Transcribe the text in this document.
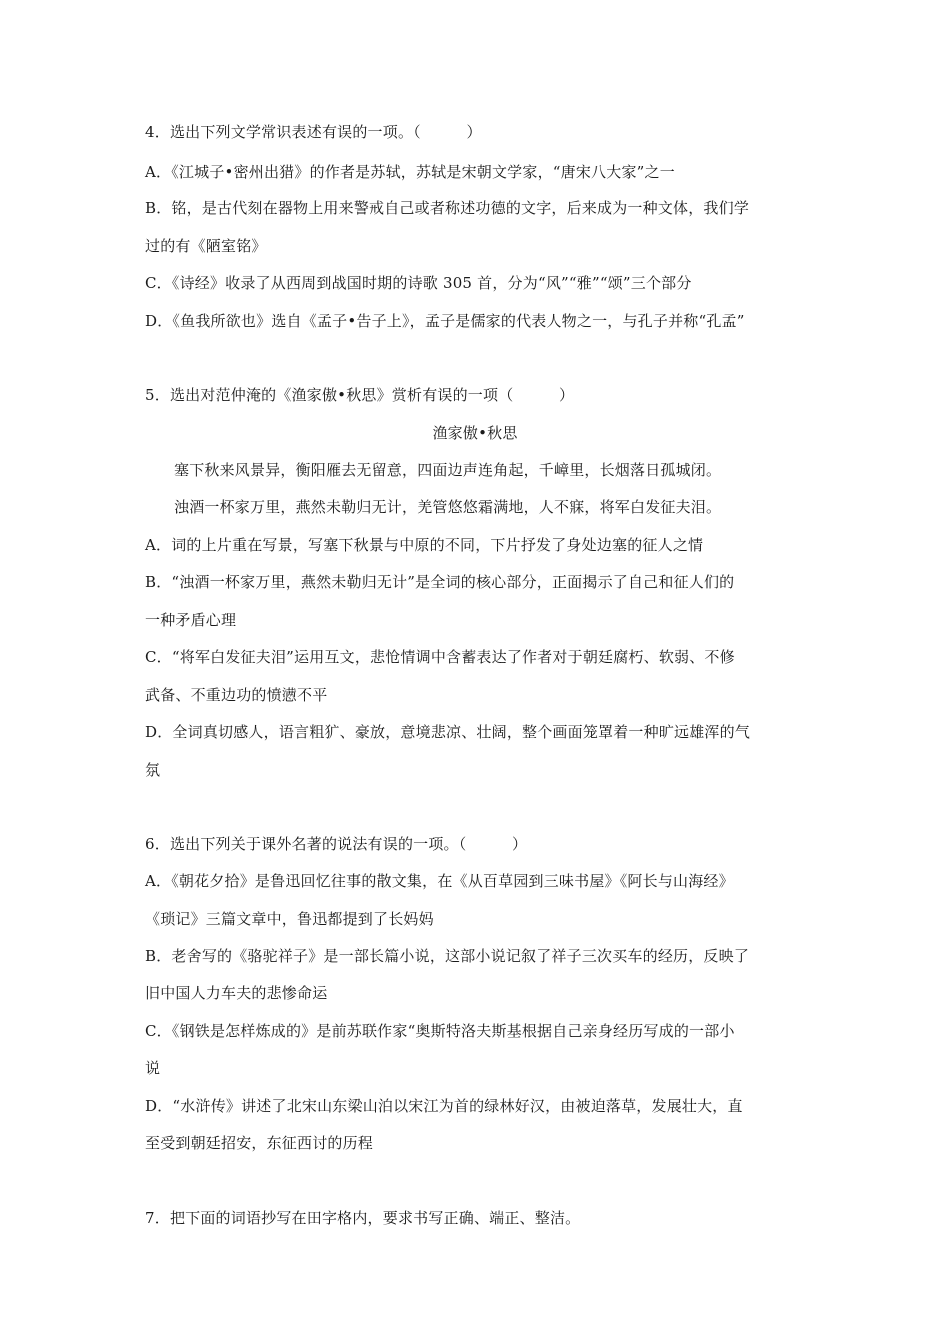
4．选出下列文学常识表述有误的一项。（　　　）
A．《江城子•密州出猎》的作者是苏轼，苏轼是宋朝文学家，“唐宋八大家”之一
B．铭，是古代刻在器物上用来警戒自己或者称述功德的文字，后来成为一种文体，我们学
过的有《陋室铭》
C．《诗经》收录了从西周到战国时期的诗歌 305 首，分为“风”“雅”“颂”三个部分
D．《鱼我所欲也》选自《孟子•告子上》，孟子是儒家的代表人物之一，与孔子并称“孔孟”
5．选出对范仲淹的《渔家傲•秋思》赏析有误的一项（　　　）
渔家傲•秋思
塞下秋来风景异，衡阳雁去无留意，四面边声连角起，千嶂里，长烟落日孤城闭。
浊酒一杯家万里，燕然未勒归无计，羌管悠悠霜满地，人不寐，将军白发征夫泪。
A．词的上片重在写景，写塞下秋景与中原的不同，下片抒发了身处边塞的征人之情
B．“浊酒一杯家万里，燕然未勒归无计”是全词的核心部分，正面揭示了自己和征人们的
一种矛盾心理
C．“将军白发征夫泪”运用互文，悲怆情调中含蓄表达了作者对于朝廷腐朽、软弱、不修
武备、不重边功的愤懑不平
D．全词真切感人，语言粗犷、豪放，意境悲凉、壮阔，整个画面笼罩着一种旷远雄浑的气
氛
6．选出下列关于课外名著的说法有误的一项。（　　　）
A．《朝花夕拾》是鲁迅回忆往事的散文集，在《从百草园到三味书屋》《阿长与山海经》
《琐记》三篇文章中，鲁迅都提到了长妈妈
B．老舍写的《骆驼祥子》是一部长篇小说，这部小说记叙了祥子三次买车的经历，反映了
旧中国人力车夫的悲惨命运
C．《钢铁是怎样炼成的》是前苏联作家“奥斯特洛夫斯基根据自己亲身经历写成的一部小
说
D．“水浒传》讲述了北宋山东梁山泊以宋江为首的绿林好汉，由被迫落草，发展壮大，直
至受到朝廷招安，东征西讨的历程
7．把下面的词语抄写在田字格内，要求书写正确、端正、整洁。
